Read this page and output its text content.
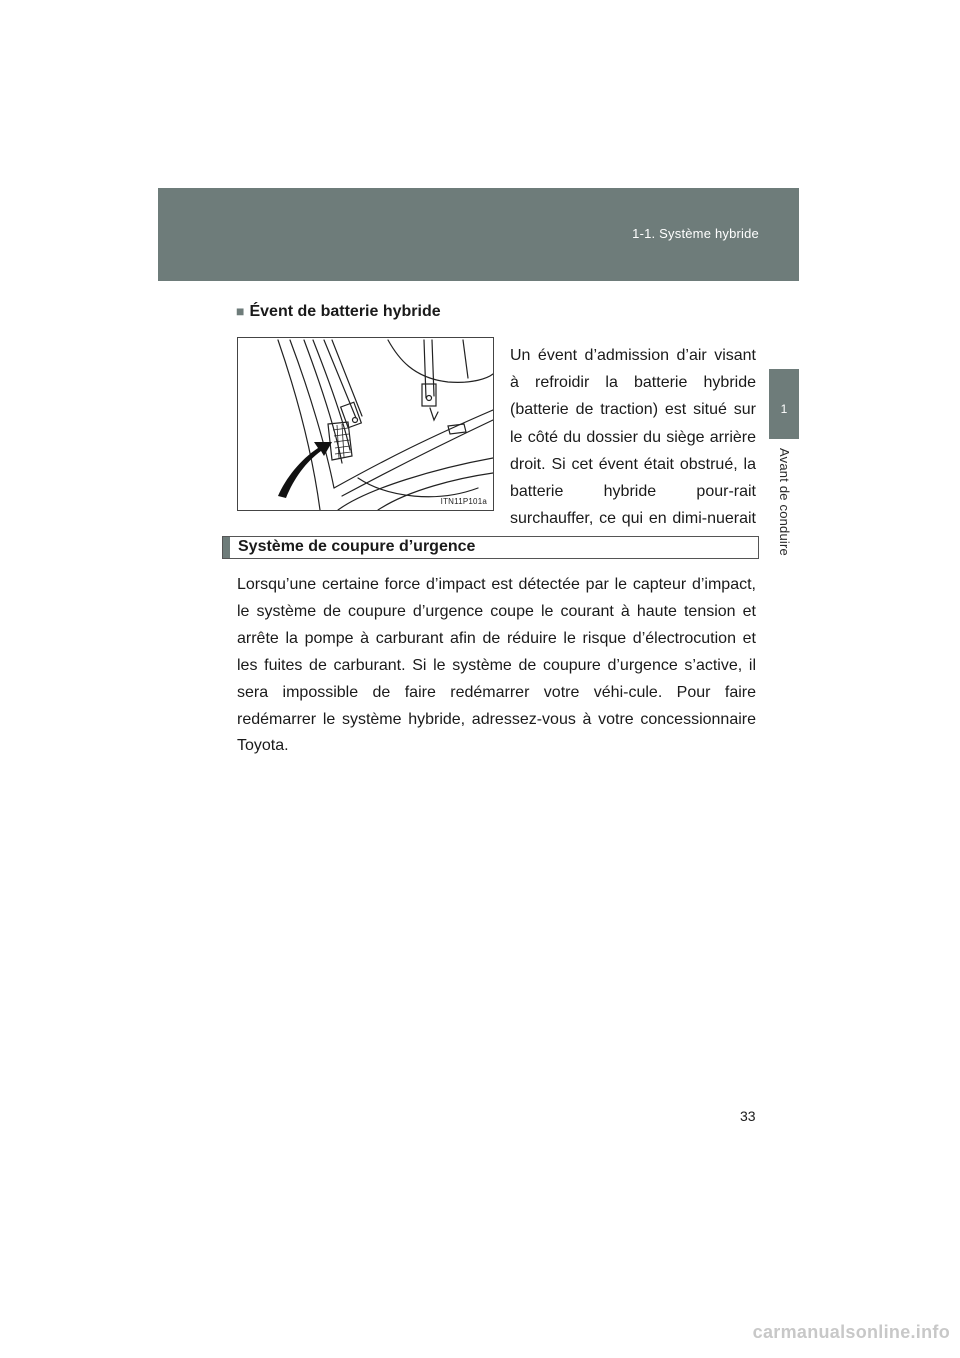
1-1. Système hybride
1
Avant de conduire
■ Évent de batterie hybride
ITN11P101a
Un évent d’admission d’air visant à refroidir la batterie hybride (batterie de traction) est situé sur le côté du dossier du siège arrière droit. Si cet évent était obstrué, la batterie hybride pour-rait surchauffer, ce qui en dimi-nuerait
Système de coupure d’urgence
Lorsqu’une certaine force d’impact est détectée par le capteur d’impact, le système de coupure d’urgence coupe le courant à haute tension et arrête la pompe à carburant afin de réduire le risque d’électrocution et les fuites de carburant. Si le système de coupure d’urgence s’active, il sera impossible de faire redémarrer votre véhi-cule. Pour faire redémarrer le système hybride, adressez-vous à votre concessionnaire Toyota.
33
carmanualsonline.info
